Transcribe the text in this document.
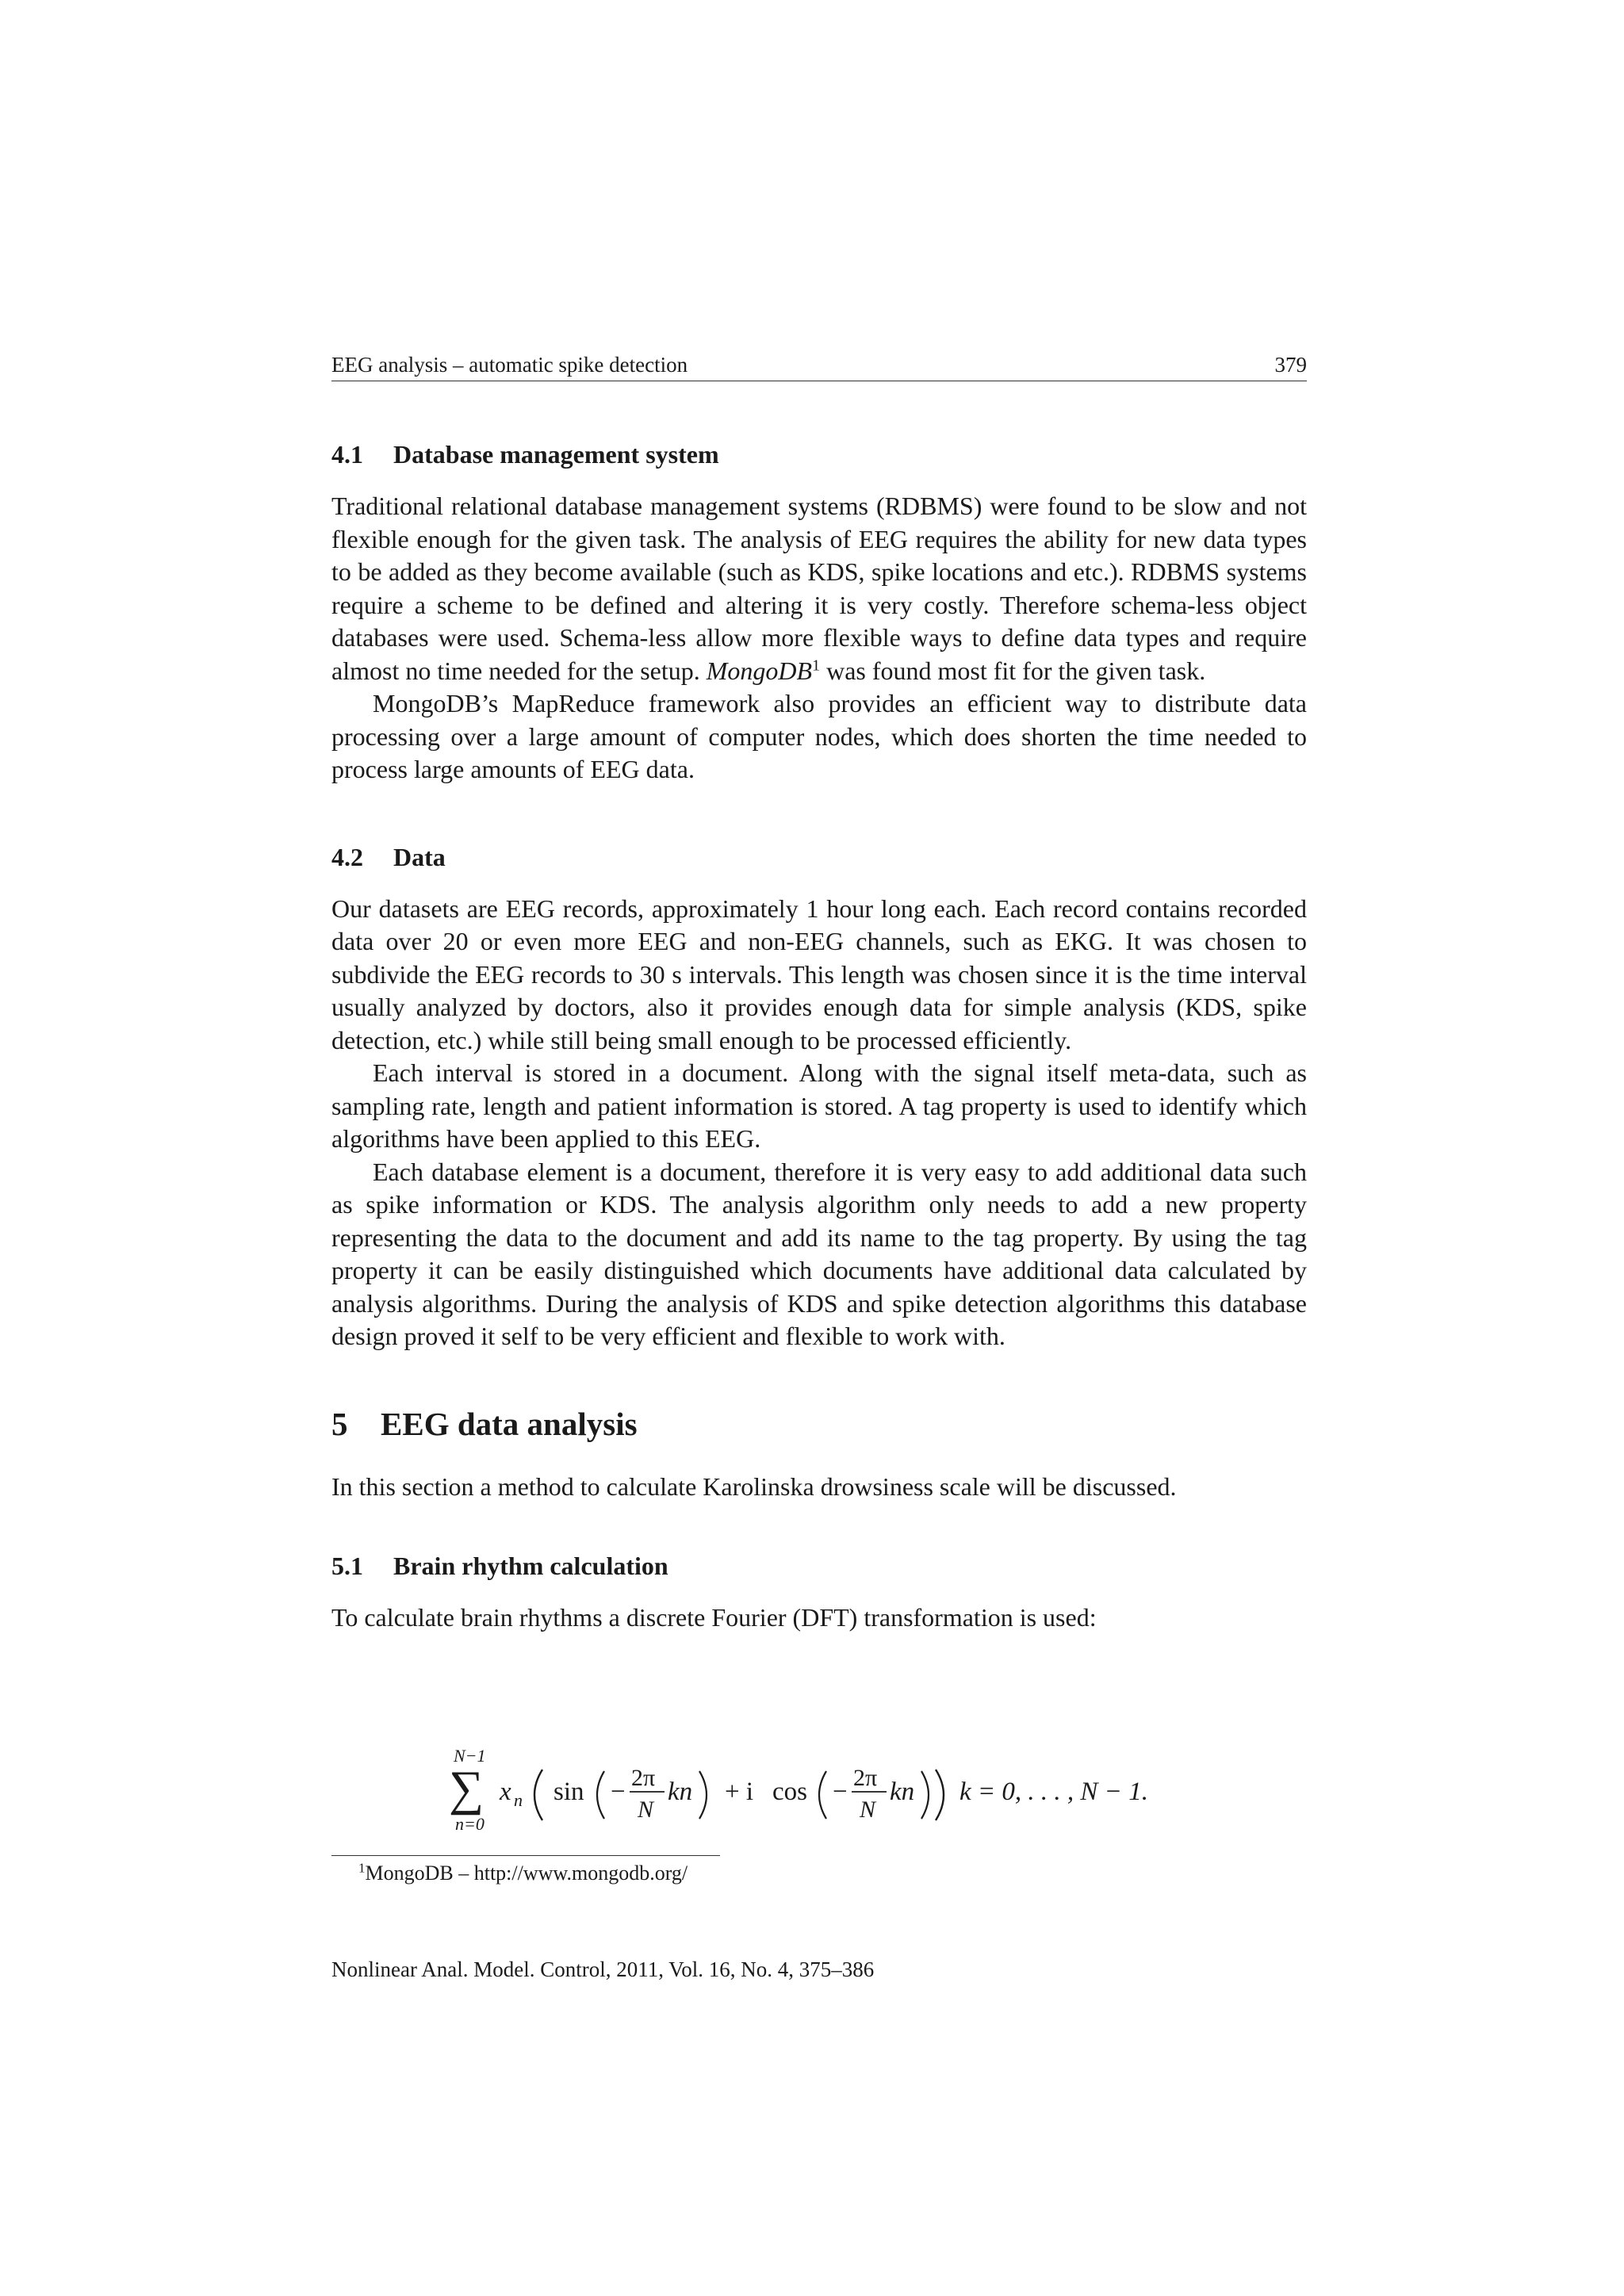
EEG analysis – automatic spike detection	379
4.1 Database management system

Traditional relational database management systems (RDBMS) were found to be slow and not flexible enough for the given task. The analysis of EEG requires the ability for new data types to be added as they become available (such as KDS, spike locations and etc.). RDBMS systems require a scheme to be defined and altering it is very costly. Therefore schema-less object databases were used. Schema-less allow more flexible ways to define data types and require almost no time needed for the setup. MongoDB$^1$ was found most fit for the given task.

MongoDB’s MapReduce framework also provides an efficient way to distribute data processing over a large amount of computer nodes, which does shorten the time needed to process large amounts of EEG data.

4.2 Data

Our datasets are EEG records, approximately 1 hour long each. Each record contains recorded data over 20 or even more EEG and non-EEG channels, such as EKG. It was chosen to subdivide the EEG records to 30 s intervals. This length was chosen since it is the time interval usually analyzed by doctors, also it provides enough data for simple analysis (KDS, spike detection, etc.) while still being small enough to be processed efficiently.

Each interval is stored in a document. Along with the signal itself meta-data, such as sampling rate, length and patient information is stored. A tag property is used to identify which algorithms have been applied to this EEG.

Each database element is a document, therefore it is very easy to add additional data such as spike information or KDS. The analysis algorithm only needs to add a new property representing the data to the document and add its name to the tag property. By using the tag property it can be easily distinguished which documents have additional data calculated by analysis algorithms. During the analysis of KDS and spike detection algorithms this database design proved it self to be very efficient and flexible to work with.

5 EEG data analysis

In this section a method to calculate Karolinska drowsiness scale will be discussed.

5.1 Brain rhythm calculation

To calculate brain rhythms a discrete Fourier (DFT) transformation is used:

N−1
∑
n=0
x n sin − 2π
N
kn + i cos − 2π
N
kn k = 0, . . . , N − 1.
$^1$MongoDB – http://www.mongodb.org/
Nonlinear Anal. Model. Control, 2011, Vol. 16, No. 4, 375–386
